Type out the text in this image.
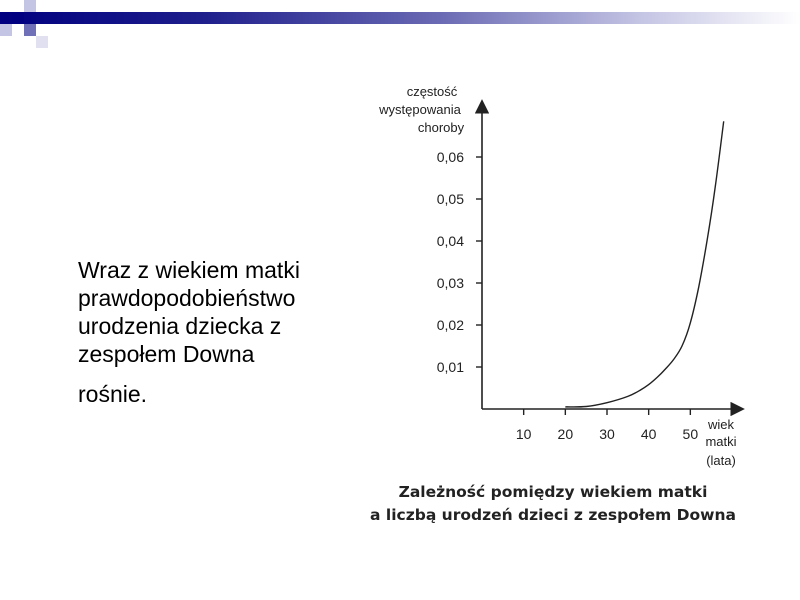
Wraz z wiekiem matki
prawdopodobieństwo
urodzenia dziecka z
zespołem Downa
rośnie.
0,01
0,02
0,03
0,04
0,05
0,06
10 20 30 40 50
częstość
występowania
choroby
wiek
matki
(lata)
Zależność pomiędzy wiekiem matki
a liczbą urodzeń dzieci z zespołem Downa
